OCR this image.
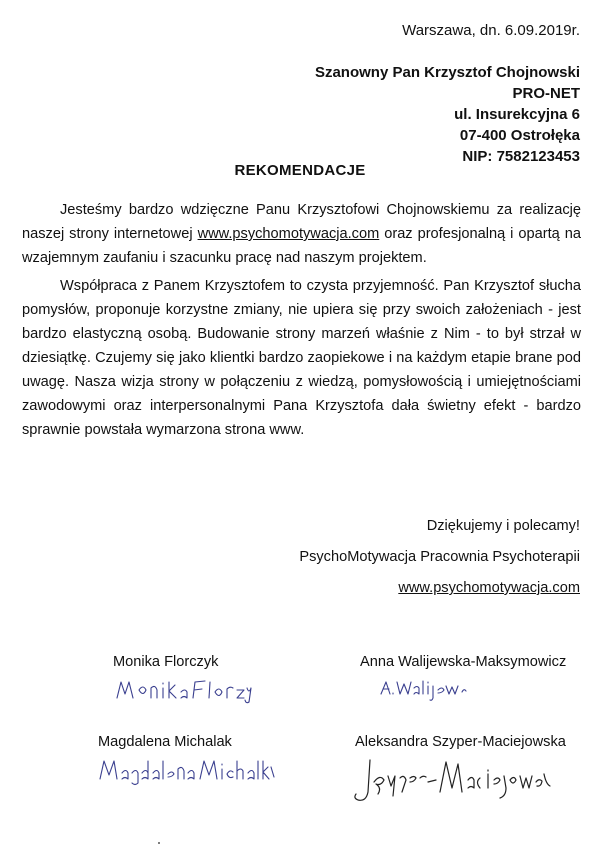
Warszawa, dn. 6.09.2019r.

Szanowny Pan Krzysztof Chojnowski
PRO-NET
ul. Insurekcyjna 6
07-400 Ostrołęka
NIP: 7582123453

REKOMENDACJE

Jesteśmy bardzo wdzięczne Panu Krzysztofowi Chojnowskiemu za realizację naszej strony internetowej www.psychomotywacja.com oraz profesjonalną i opartą na wzajemnym zaufaniu i szacunku pracę nad naszym projektem.

Współpraca z Panem Krzysztofem to czysta przyjemność. Pan Krzysztof słucha pomysłów, proponuje korzystne zmiany, nie upiera się przy swoich założeniach - jest bardzo elastyczną osobą. Budowanie strony marzeń właśnie z Nim - to był strzał w dziesiątkę. Czujemy się jako klientki bardzo zaopiekowe i na każdym etapie brane pod uwagę. Nasza wizja strony w połączeniu z wiedzą, pomysłowością i umiejętnościami zawodowymi oraz interpersonalnymi Pana Krzysztofa dała świetny efekt - bardzo sprawnie powstała wymarzona strona www.

Dziękujemy i polecamy!
PsychoMotywacja Pracownia Psychoterapii
www.psychomotywacja.com
Monika Florczyk	Anna Walijewska-Maksymowicz
Magdalena Michalak	Aleksandra Szyper-Maciejowska
